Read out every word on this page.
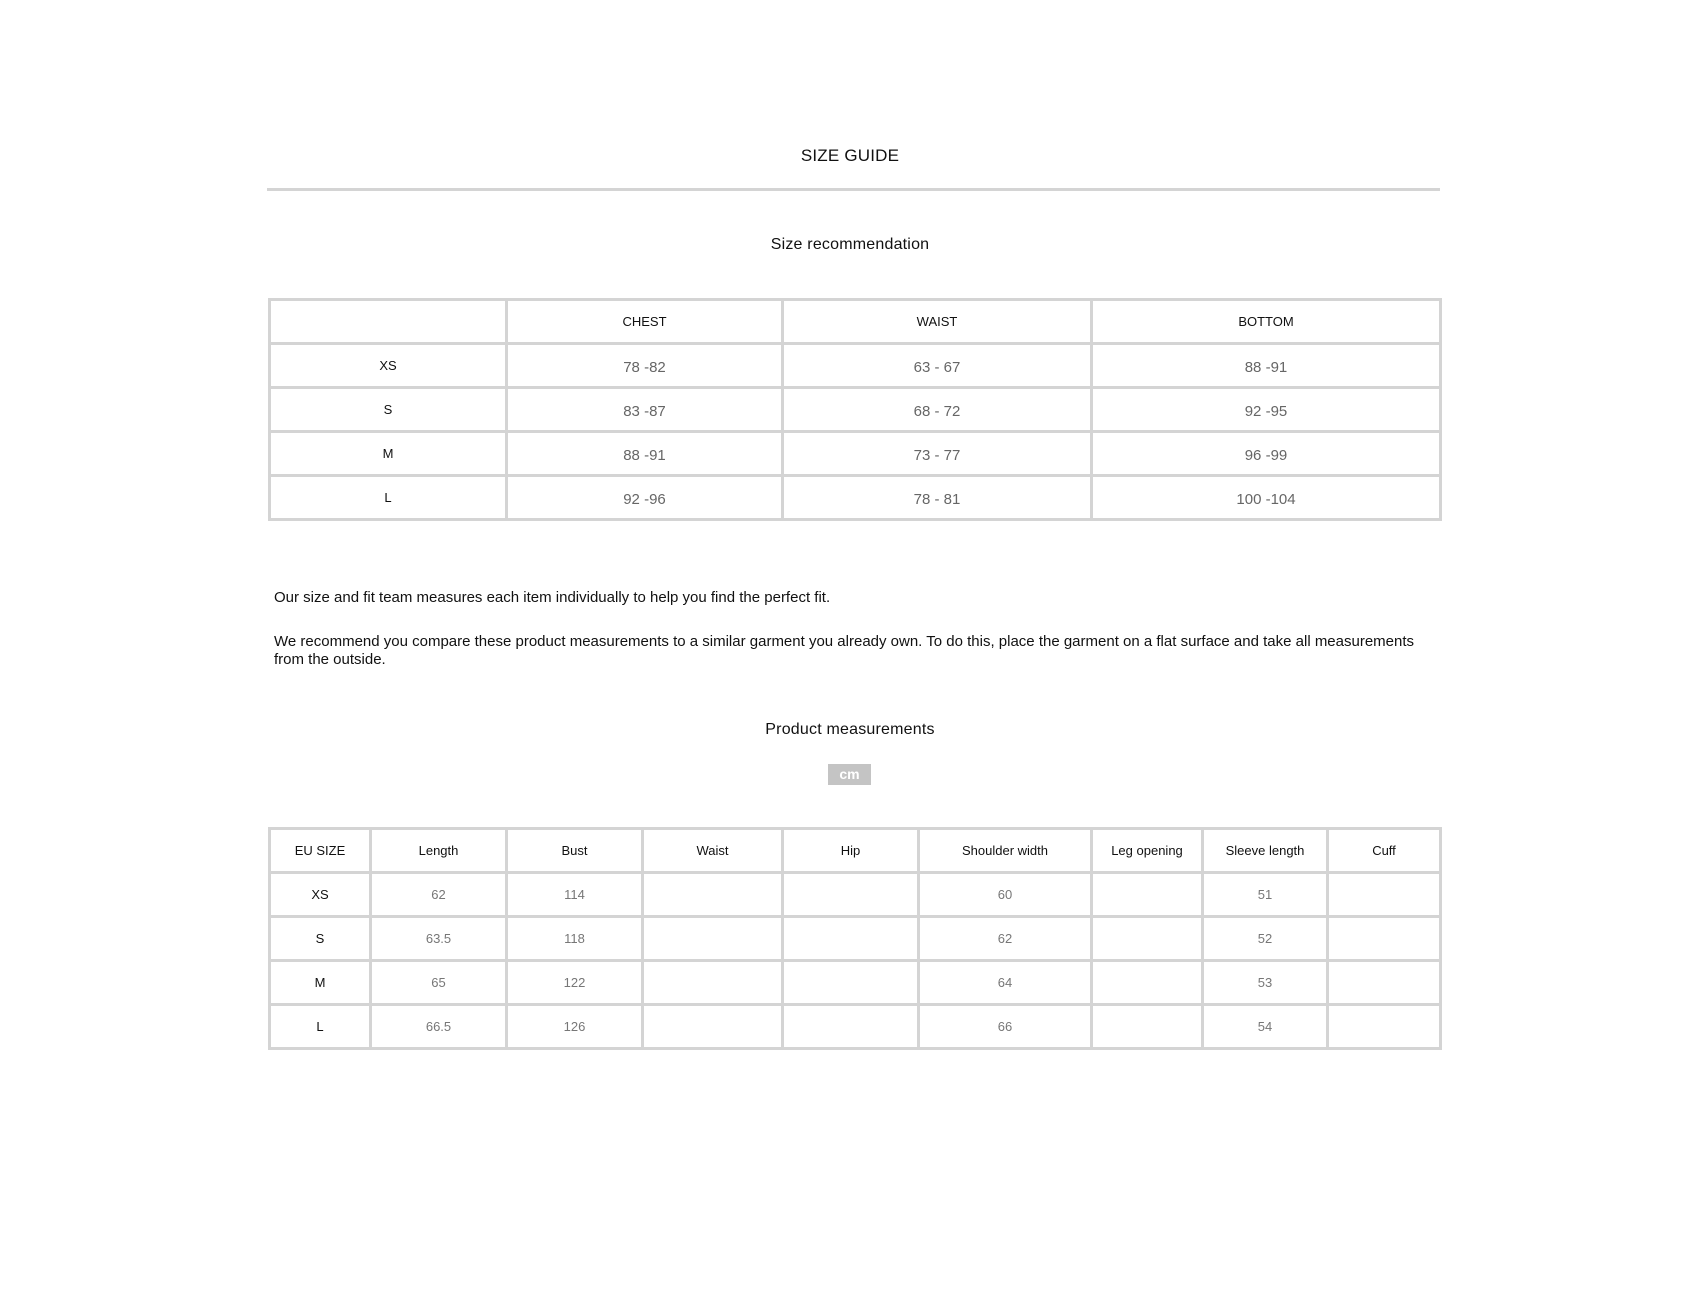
SIZE GUIDE
Size recommendation
	CHEST	WAIST	BOTTOM
XS	78 -82	63 - 67	88 -91
S	83 -87	68 - 72	92 -95
M	88 -91	73 - 77	96 -99
L	92 -96	78 - 81	100 -104
Our size and fit team measures each item individually to help you find the perfect fit.
We recommend you compare these product measurements to a similar garment you already own. To do this, place the garment on a flat surface and take all measurements from the outside.
Product measurements
cm
EU SIZE	Length	Bust	Waist	Hip	Shoulder width	Leg opening	Sleeve length	Cuff
XS	62	114			60		51	
S	63.5	118			62		52	
M	65	122			64		53	
L	66.5	126			66		54	
